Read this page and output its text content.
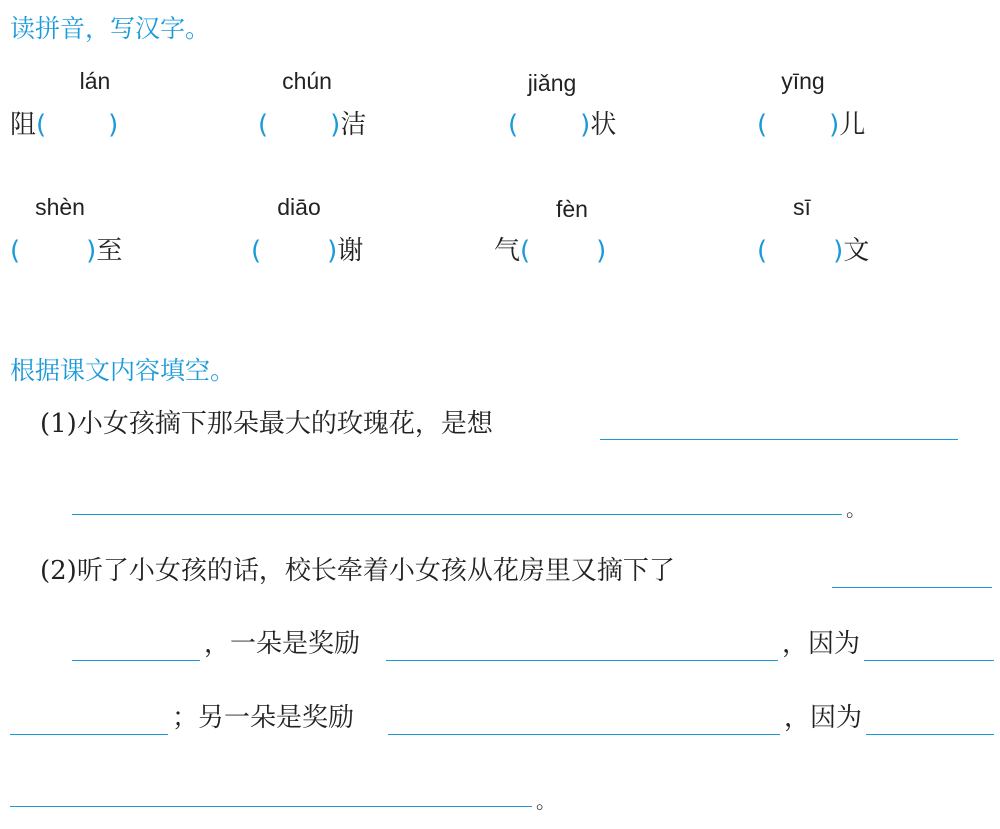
读拼音，写汉字。
lán	chún	jiǎng	yīng
阻( )	( )洁	( )状	( )儿
shèn	diāo	fèn	sī
(	)至	(	)谢	气(	)	(	)文
根据课文内容填空。
(1)小女孩摘下那朵最大的玫瑰花，是想
。
(2)听了小女孩的话，校长牵着小女孩从花房里又摘下了
，一朵是奖励	，因为
；另一朵是奖励	，因为
。
